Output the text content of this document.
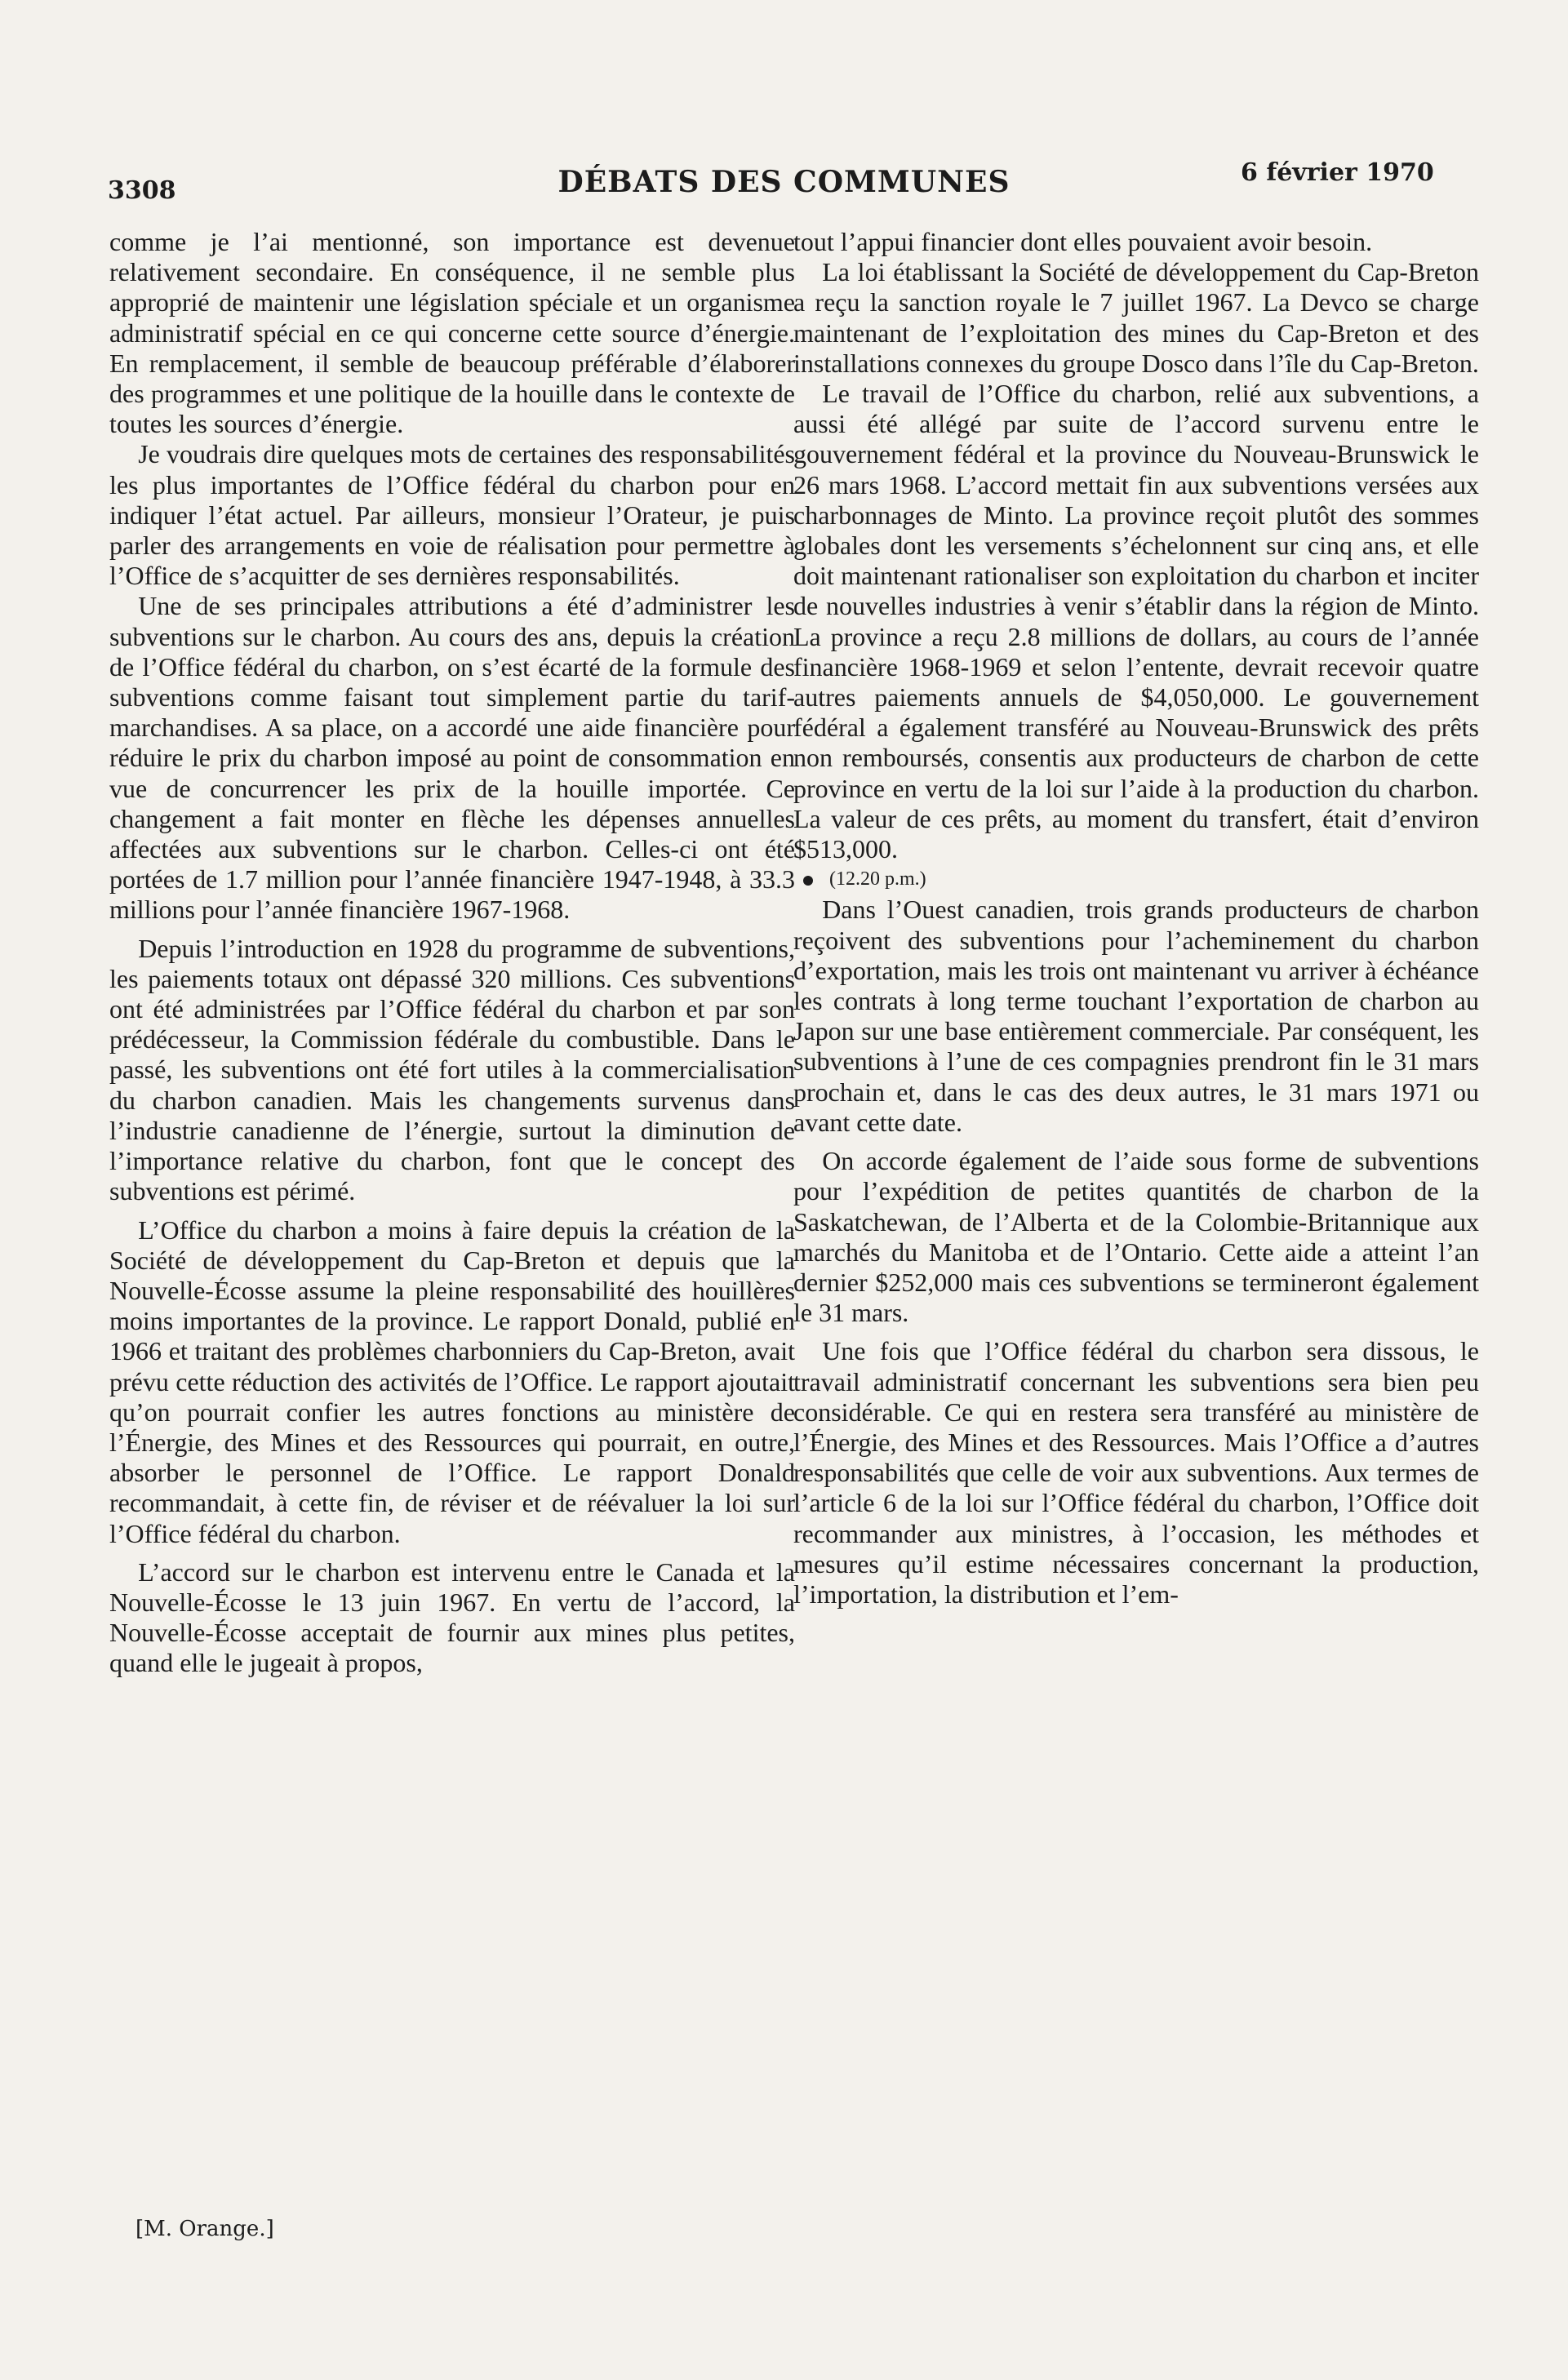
3308	DÉBATS DES COMMUNES	6 février 1970

comme je l’ai mentionné, son importance est devenue relativement secondaire. En conséquence, il ne semble plus approprié de maintenir une législation spéciale et un organisme administratif spécial en ce qui concerne cette source d’énergie. En remplacement, il semble de beaucoup préférable d’élaborer des programmes et une politique de la houille dans le contexte de toutes les sources d’énergie.

Je voudrais dire quelques mots de certaines des responsabilités les plus importantes de l’Office fédéral du charbon pour en indiquer l’état actuel. Par ailleurs, monsieur l’Orateur, je puis parler des arrangements en voie de réalisation pour permettre à l’Office de s’acquitter de ses dernières responsabilités.

Une de ses principales attributions a été d’administrer les subventions sur le charbon. Au cours des ans, depuis la création de l’Office fédéral du charbon, on s’est écarté de la formule des subventions comme faisant tout simplement partie du tarif-marchandises. A sa place, on a accordé une aide financière pour réduire le prix du charbon imposé au point de consommation en vue de concurrencer les prix de la houille importée. Ce changement a fait monter en flèche les dépenses annuelles affectées aux subventions sur le charbon. Celles-ci ont été portées de 1.7 million pour l’année financière 1947-1948, à 33.3 millions pour l’année financière 1967-1968.

Depuis l’introduction en 1928 du programme de subventions, les paiements totaux ont dépassé 320 millions. Ces subventions ont été administrées par l’Office fédéral du charbon et par son prédécesseur, la Commission fédérale du combustible. Dans le passé, les subventions ont été fort utiles à la commercialisation du charbon canadien. Mais les changements survenus dans l’industrie canadienne de l’énergie, surtout la diminution de l’importance relative du charbon, font que le concept des subventions est périmé.

L’Office du charbon a moins à faire depuis la création de la Société de développement du Cap-Breton et depuis que la Nouvelle-Écosse assume la pleine responsabilité des houillères moins importantes de la province. Le rapport Donald, publié en 1966 et traitant des problèmes charbonniers du Cap-Breton, avait prévu cette réduction des activités de l’Office. Le rapport ajoutait qu’on pourrait confier les autres fonctions au ministère de l’Énergie, des Mines et des Ressources qui pourrait, en outre, absorber le personnel de l’Office. Le rapport Donald recommandait, à cette fin, de réviser et de réévaluer la loi sur l’Office fédéral du charbon.

L’accord sur le charbon est intervenu entre le Canada et la Nouvelle-Écosse le 13 juin 1967. En vertu de l’accord, la Nouvelle-Écosse acceptait de fournir aux mines plus petites, quand elle le jugeait à propos,

[M. Orange.]

tout l’appui financier dont elles pouvaient avoir besoin.

La loi établissant la Société de développement du Cap-Breton a reçu la sanction royale le 7 juillet 1967. La Devco se charge maintenant de l’exploitation des mines du Cap-Breton et des installations connexes du groupe Dosco dans l’île du Cap-Breton.

Le travail de l’Office du charbon, relié aux subventions, a aussi été allégé par suite de l’accord survenu entre le gouvernement fédéral et la province du Nouveau-Brunswick le 26 mars 1968. L’accord mettait fin aux subventions versées aux charbonnages de Minto. La province reçoit plutôt des sommes globales dont les versements s’échelonnent sur cinq ans, et elle doit maintenant rationaliser son exploitation du charbon et inciter de nouvelles industries à venir s’établir dans la région de Minto. La province a reçu 2.8 millions de dollars, au cours de l’année financière 1968-1969 et selon l’entente, devrait recevoir quatre autres paiements annuels de $4,050,000. Le gouvernement fédéral a également transféré au Nouveau-Brunswick des prêts non remboursés, consentis aux producteurs de charbon de cette province en vertu de la loi sur l’aide à la production du charbon. La valeur de ces prêts, au moment du transfert, était d’environ $513,000.

(12.20 p.m.)

Dans l’Ouest canadien, trois grands producteurs de charbon reçoivent des subventions pour l’acheminement du charbon d’exportation, mais les trois ont maintenant vu arriver à échéance les contrats à long terme touchant l’exportation de charbon au Japon sur une base entièrement commerciale. Par conséquent, les subventions à l’une de ces compagnies prendront fin le 31 mars prochain et, dans le cas des deux autres, le 31 mars 1971 ou avant cette date.

On accorde également de l’aide sous forme de subventions pour l’expédition de petites quantités de charbon de la Saskatchewan, de l’Alberta et de la Colombie-Britannique aux marchés du Manitoba et de l’Ontario. Cette aide a atteint l’an dernier $252,000 mais ces subventions se termineront également le 31 mars.

Une fois que l’Office fédéral du charbon sera dissous, le travail administratif concernant les subventions sera bien peu considérable. Ce qui en restera sera transféré au ministère de l’Énergie, des Mines et des Ressources. Mais l’Office a d’autres responsabilités que celle de voir aux subventions. Aux termes de l’article 6 de la loi sur l’Office fédéral du charbon, l’Office doit recommander aux ministres, à l’occasion, les méthodes et mesures qu’il estime nécessaires concernant la production, l’importation, la distribution et l’em-
